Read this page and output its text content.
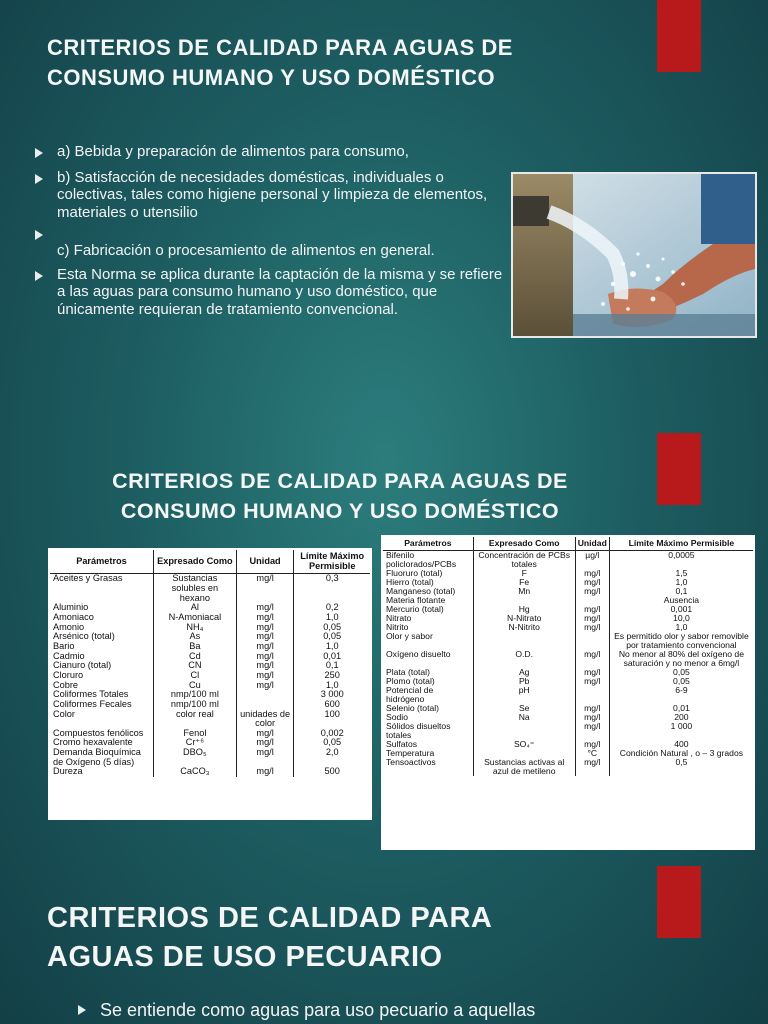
CRITERIOS DE CALIDAD PARA AGUAS DE
CONSUMO HUMANO Y USO DOMÉSTICO
a) Bebida y preparación de alimentos para consumo,
b) Satisfacción de necesidades domésticas, individuales o colectivas, tales como higiene personal y limpieza de elementos, materiales o utensilio
c) Fabricación o procesamiento de alimentos en general.
Esta Norma se aplica durante la captación de la misma y se refiere a las aguas para consumo humano y uso doméstico, que únicamente requieran de tratamiento convencional.
CRITERIOS DE CALIDAD PARA AGUAS DE
CONSUMO HUMANO Y USO DOMÉSTICO
Parámetros	Expresado Como	Unidad	Límite Máximo Permisible
Aceites y Grasas	Sustancias solubles en hexano	mg/l	0,3
Aluminio	Al	mg/l	0,2
Amoniaco	N-Amoniacal	mg/l	1,0
Amonio	NH₄	mg/l	0,05
Arsénico (total)	As	mg/l	0,05
Bario	Ba	mg/l	1,0
Cadmio	Cd	mg/l	0,01
Cianuro (total)	CN	mg/l	0,1
Cloruro	Cl	mg/l	250
Cobre	Cu	mg/l	1,0
Coliformes Totales	nmp/100 ml		3 000
Coliformes Fecales	nmp/100 ml		600
Color	color real	unidades de color	100
Compuestos fenólicos	Fenol	mg/l	0,002
Cromo hexavalente	Cr⁺⁶	mg/l	0,05
Demanda Bioquímica de Oxígeno (5 días)	DBO₅	mg/l	2,0
Dureza	CaCO₃	mg/l	500
Parámetros	Expresado Como	Unidad	Límite Máximo Permisible
Bifenilo policlorados/PCBs	Concentración de PCBs totales	µg/l	0,0005
Fluoruro (total)	F	mg/l	1,5
Hierro (total)	Fe	mg/l	1,0
Manganeso (total)	Mn	mg/l	0,1
Materia flotante			Ausencia
Mercurio (total)	Hg	mg/l	0,001
Nitrato	N-Nitrato	mg/l	10,0
Nitrito	N-Nitrito	mg/l	1,0
Olor y sabor			Es permitido olor y sabor removible por tratamiento convencional
Oxígeno disuelto	O.D.	mg/l	No menor al 80% del oxígeno de saturación y no menor a 6mg/l
Plata (total)	Ag	mg/l	0,05
Plomo (total)	Pb	mg/l	0,05
Potencial de hidrógeno	pH		6-9
Selenio (total)	Se	mg/l	0,01
Sodio	Na	mg/l	200
Sólidos disueltos totales		mg/l	1 000
Sulfatos	SO₄⁼	mg/l	400
Temperatura		°C	Condición Natural , o – 3 grados
Tensoactivos	Sustancias activas al azul de metileno	mg/l	0,5
CRITERIOS DE CALIDAD PARA
AGUAS DE USO PECUARIO
Se entiende como aguas para uso pecuario a aquellas
